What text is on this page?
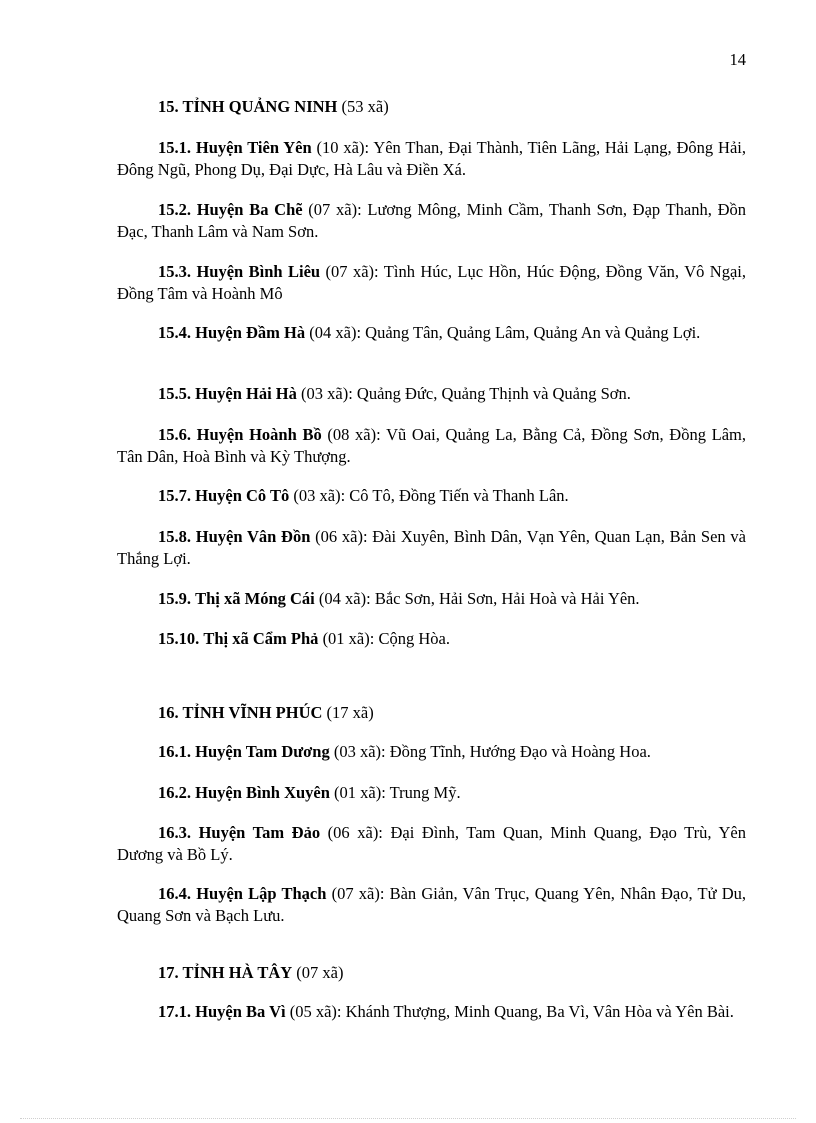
14
15. TỈNH QUẢNG NINH (53 xã)
15.1. Huyện Tiên Yên (10 xã): Yên Than, Đại Thành, Tiên Lãng, Hải Lạng, Đông Hải, Đông Ngũ, Phong Dụ, Đại Dực, Hà Lâu và Điền Xá.
15.2. Huyện Ba Chẽ (07 xã): Lương Mông, Minh Cầm, Thanh Sơn, Đạp Thanh, Đồn Đạc, Thanh Lâm và Nam Sơn.
15.3. Huyện Bình Liêu (07 xã): Tình Húc, Lục Hồn, Húc Động, Đồng Văn, Vô Ngại, Đồng Tâm và Hoành Mô
15.4. Huyện Đầm Hà (04 xã): Quảng Tân, Quảng Lâm, Quảng An và Quảng Lợi.
15.5. Huyện Hải Hà (03 xã): Quảng Đức, Quảng Thịnh và Quảng Sơn.
15.6. Huyện Hoành Bồ (08 xã): Vũ Oai, Quảng La, Bằng Cả, Đồng Sơn, Đồng Lâm, Tân Dân, Hoà Bình và Kỳ Thượng.
15.7. Huyện Cô Tô (03 xã): Cô Tô, Đồng Tiến và Thanh Lân.
15.8. Huyện Vân Đồn (06 xã): Đài Xuyên, Bình Dân, Vạn Yên, Quan Lạn, Bản Sen và Thắng Lợi.
15.9. Thị xã Móng Cái (04 xã): Bắc Sơn, Hải Sơn, Hải Hoà và Hải Yên.
15.10. Thị xã Cẩm Phả (01 xã): Cộng Hòa.
16. TỈNH VĨNH PHÚC (17 xã)
16.1. Huyện Tam Dương (03 xã): Đồng Tĩnh, Hướng Đạo và Hoàng Hoa.
16.2. Huyện Bình Xuyên (01 xã): Trung Mỹ.
16.3. Huyện Tam Đảo (06 xã): Đại Đình, Tam Quan, Minh Quang, Đạo Trù, Yên Dương và Bồ Lý.
16.4. Huyện Lập Thạch (07 xã): Bàn Giản, Vân Trục, Quang Yên, Nhân Đạo, Tử Du, Quang Sơn và Bạch Lưu.
17. TỈNH HÀ TÂY (07 xã)
17.1. Huyện Ba Vì (05 xã): Khánh Thượng, Minh Quang, Ba Vì, Vân Hòa và Yên Bài.
